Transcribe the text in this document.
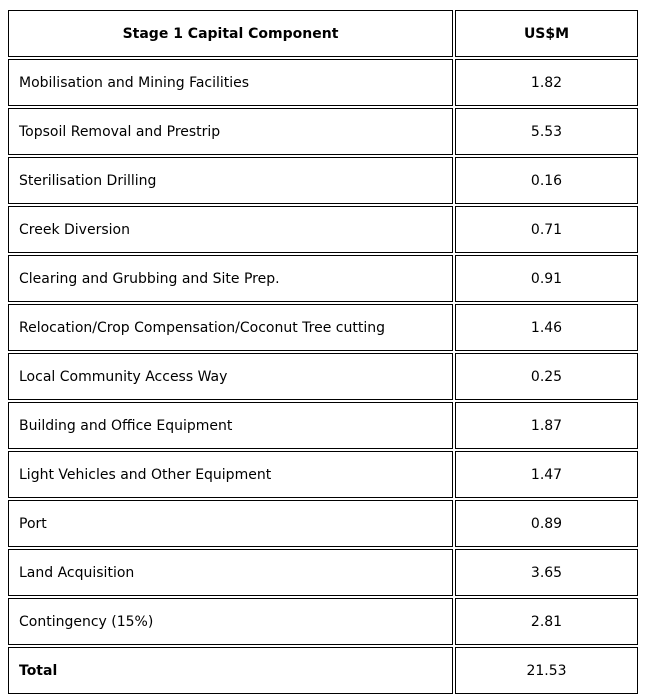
Stage 1 Capital Component	US$M
Mobilisation and Mining Facilities	1.82
Topsoil Removal and Prestrip	5.53
Sterilisation Drilling	0.16
Creek Diversion	0.71
Clearing and Grubbing and Site Prep.	0.91
Relocation/Crop Compensation/Coconut Tree cutting	1.46
Local Community Access Way	0.25
Building and Office Equipment	1.87
Light Vehicles and Other Equipment	1.47
Port	0.89
Land Acquisition	3.65
Contingency (15%)	2.81
Total	21.53
